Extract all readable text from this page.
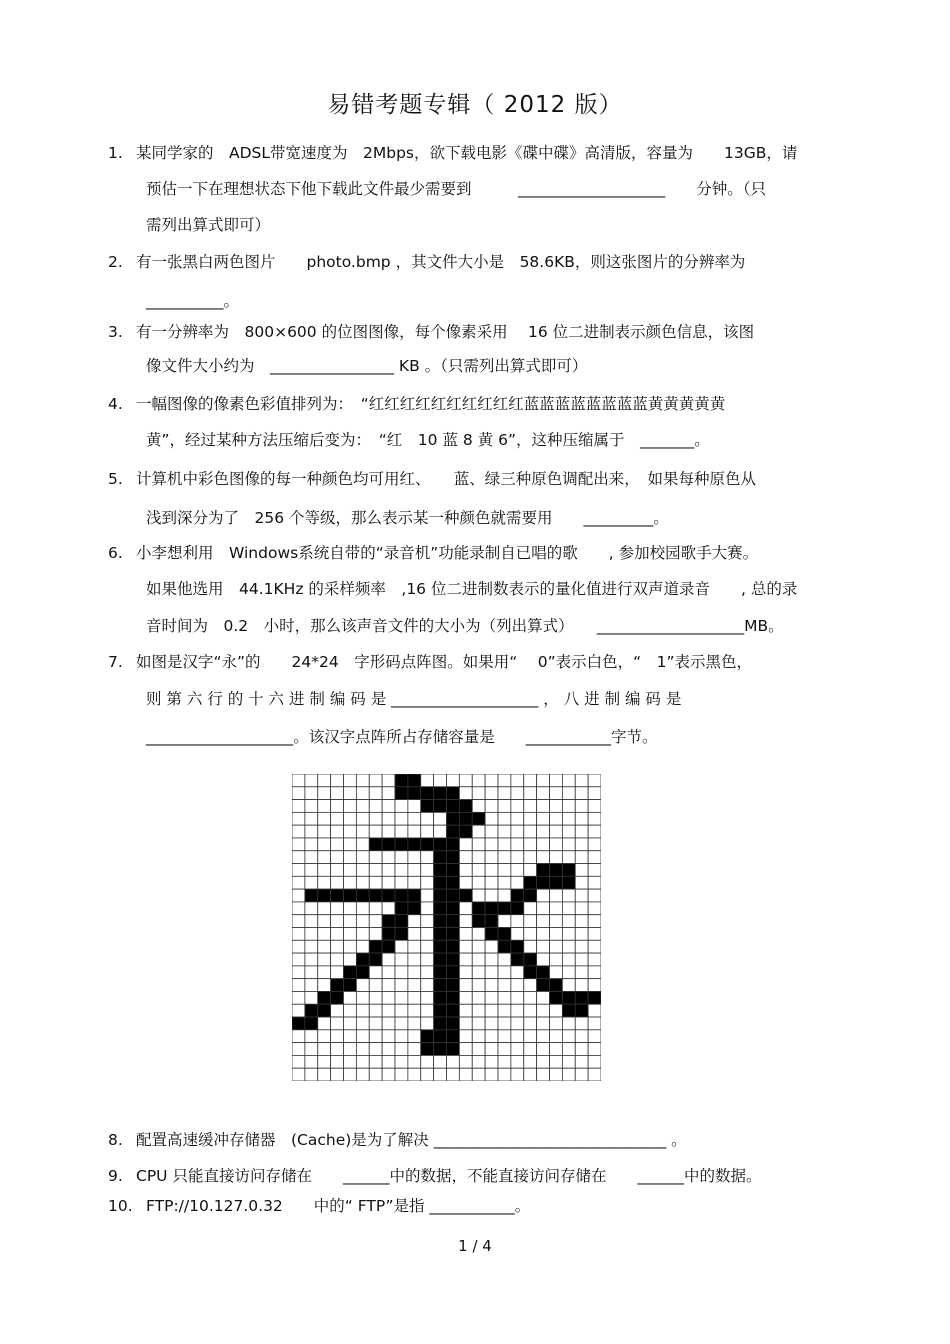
易错考题专辑（ 2012 版）
1. 某同学家的　ADSL带宽速度为　2Mbps，欲下载电影《碟中碟》高清版，容量为　　13GB，请
预估一下在理想状态下他下载此文件最少需要到　　　___________________　　分钟。（只
需列出算式即可）
2. 有一张黑白两色图片　　photo.bmp ，其文件大小是　58.6KB，则这张图片的分辨率为
__________。
3. 有一分辨率为　800×600 的位图图像，每个像素采用　 16 位二进制表示颜色信息，该图
像文件大小约为　________________ KB 。（只需列出算式即可）
4. 一幅图像的像素色彩值排列为：　“红红红红红红红红红红蓝蓝蓝蓝蓝蓝蓝蓝黄黄黄黄黄
黄”，经过某种方法压缩后变为：　“红　10 蓝 8 黄 6”，这种压缩属于　_______。
5. 计算机中彩色图像的每一种颜色均可用红、　　蓝、绿三种原色调配出来，　如果每种原色从
浅到深分为了　256 个等级，那么表示某一种颜色就需要用　　_________。
6. 小李想利用　Windows系统自带的“录音机”功能录制自已唱的歌　　, 参加校园歌手大赛。
如果他选用　44.1KHz 的采样频率　,16 位二进制数表示的量化值进行双声道录音　　, 总的录
音时间为　0.2　小时，那么该声音文件的大小为（列出算式）　　___________________MB。
7. 如图是汉字“永”的　　24*24　字形码点阵图。如果用“　 0”表示白色，“　1”表示黑色，
则 第 六 行 的 十 六 进 制 编 码 是 ___________________ ， 八 进 制 编 码 是
___________________。该汉字点阵所占存储容量是　　___________字节。
8. 配置高速缓冲存储器　(Cache)是为了解决 ______________________________ 。
9. CPU 只能直接访问存储在　　______中的数据，不能直接访问存储在　　______中的数据。
10. FTP://10.127.0.32　　中的“ FTP”是指 ___________。
1 / 4
